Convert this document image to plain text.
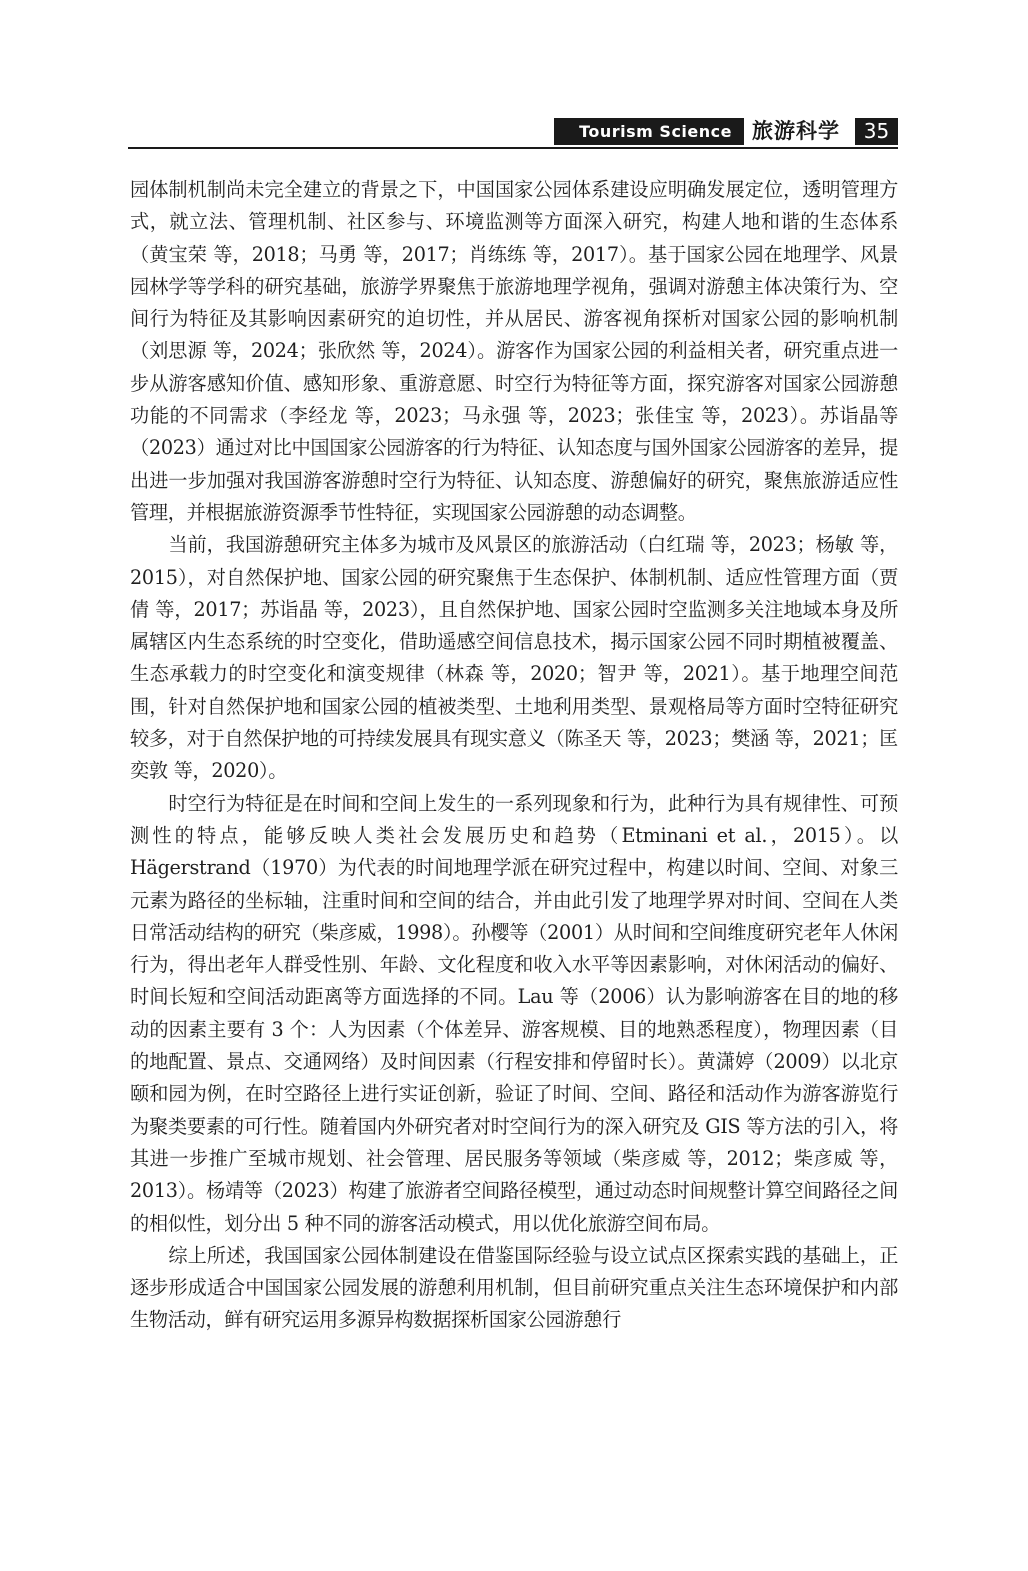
Tourism Science 旅游科学	35

园体制机制尚未完全建立的背景之下，中国国家公园体系建设应明确发展定位，透明管理方式，就立法、管理机制、社区参与、环境监测等方面深入研究，构建人地和谐的生态体系（黄宝荣 等，2018；马勇 等，2017；肖练练 等，2017）。基于国家公园在地理学、风景园林学等学科的研究基础，旅游学界聚焦于旅游地理学视角，强调对游憩主体决策行为、空间行为特征及其影响因素研究的迫切性，并从居民、游客视角探析对国家公园的影响机制（刘思源 等，2024；张欣然 等，2024）。游客作为国家公园的利益相关者，研究重点进一步从游客感知价值、感知形象、重游意愿、时空行为特征等方面，探究游客对国家公园游憩功能的不同需求（李经龙 等，2023；马永强 等，2023；张佳宝 等，2023）。苏诣晶等（2023）通过对比中国国家公园游客的行为特征、认知态度与国外国家公园游客的差异，提出进一步加强对我国游客游憩时空行为特征、认知态度、游憩偏好的研究，聚焦旅游适应性管理，并根据旅游资源季节性特征，实现国家公园游憩的动态调整。

当前，我国游憩研究主体多为城市及风景区的旅游活动（白红瑞 等，2023；杨敏 等，2015），对自然保护地、国家公园的研究聚焦于生态保护、体制机制、适应性管理方面（贾倩 等，2017；苏诣晶 等，2023），且自然保护地、国家公园时空监测多关注地域本身及所属辖区内生态系统的时空变化，借助遥感空间信息技术，揭示国家公园不同时期植被覆盖、生态承载力的时空变化和演变规律（林森 等，2020；智尹 等，2021）。基于地理空间范围，针对自然保护地和国家公园的植被类型、土地利用类型、景观格局等方面时空特征研究较多，对于自然保护地的可持续发展具有现实意义（陈圣天 等，2023；樊涵 等，2021；匡奕敦 等，2020）。

时空行为特征是在时间和空间上发生的一系列现象和行为，此种行为具有规律性、可预测性的特点，能够反映人类社会发展历史和趋势（Etminani et al.，2015）。以 Hägerstrand（1970）为代表的时间地理学派在研究过程中，构建以时间、空间、对象三元素为路径的坐标轴，注重时间和空间的结合，并由此引发了地理学界对时间、空间在人类日常活动结构的研究（柴彦威，1998）。孙樱等（2001）从时间和空间维度研究老年人休闲行为，得出老年人群受性别、年龄、文化程度和收入水平等因素影响，对休闲活动的偏好、时间长短和空间活动距离等方面选择的不同。Lau 等（2006）认为影响游客在目的地的移动的因素主要有 3 个：人为因素（个体差异、游客规模、目的地熟悉程度），物理因素（目的地配置、景点、交通网络）及时间因素（行程安排和停留时长）。黄潇婷（2009）以北京颐和园为例，在时空路径上进行实证创新，验证了时间、空间、路径和活动作为游客游览行为聚类要素的可行性。随着国内外研究者对时空间行为的深入研究及 GIS 等方法的引入，将其进一步推广至城市规划、社会管理、居民服务等领域（柴彦威 等，2012；柴彦威 等，2013）。杨靖等（2023）构建了旅游者空间路径模型，通过动态时间规整计算空间路径之间的相似性，划分出 5 种不同的游客活动模式，用以优化旅游空间布局。

综上所述，我国国家公园体制建设在借鉴国际经验与设立试点区探索实践的基础上，正逐步形成适合中国国家公园发展的游憩利用机制，但目前研究重点关注生态环境保护和内部生物活动，鲜有研究运用多源异构数据探析国家公园游憩行
